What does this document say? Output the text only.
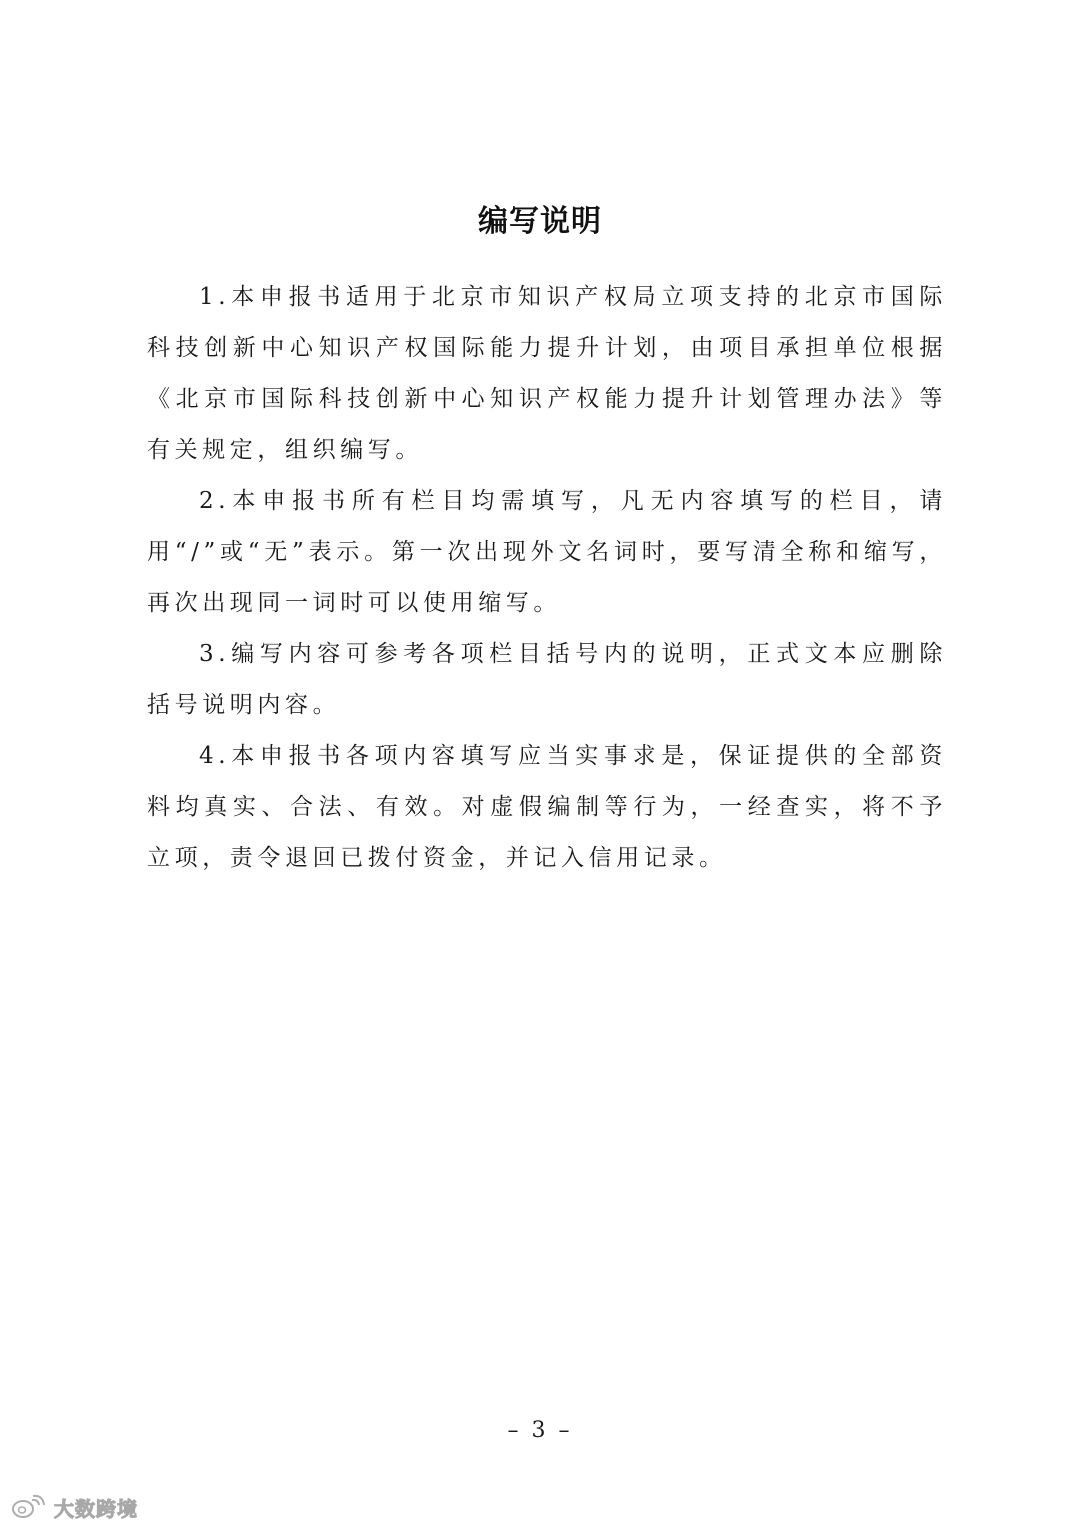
编写说明

1.本申报书适用于北京市知识产权局立项支持的北京市国际科技创新中心知识产权国际能力提升计划，由项目承担单位根据《北京市国际科技创新中心知识产权能力提升计划管理办法》等有关规定，组织编写。

2.本申报书所有栏目均需填写，凡无内容填写的栏目，请用“/”或“无”表示。第一次出现外文名词时，要写清全称和缩写，再次出现同一词时可以使用缩写。

3.编写内容可参考各项栏目括号内的说明，正式文本应删除括号说明内容。

4.本申报书各项内容填写应当实事求是，保证提供的全部资料均真实、合法、有效。对虚假编制等行为，一经查实，将不予立项，责令退回已拨付资金，并记入信用记录。

– 3 –
大数跨境
